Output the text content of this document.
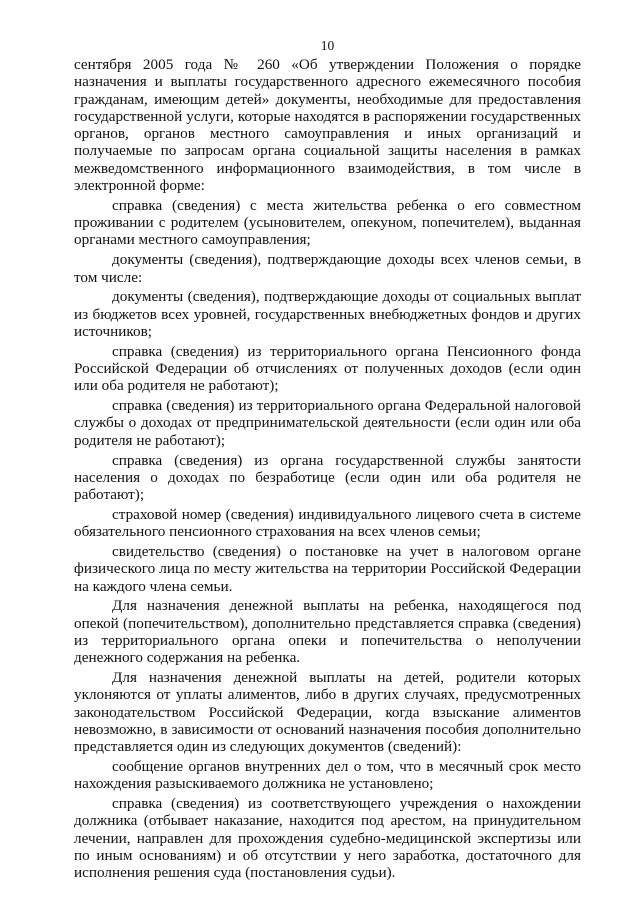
10

сентября 2005 года № 260 «Об утверждении Положения о порядке назначения и выплаты государственного адресного ежемесячного пособия гражданам, имеющим детей» документы, необходимые для предоставления государственной услуги, которые находятся в распоряжении государственных органов, органов местного самоуправления и иных организаций и получаемые по запросам органа социальной защиты населения в рамках межведомственного информационного взаимодействия, в том числе в электронной форме:

справка (сведения) с места жительства ребенка о его совместном проживании с родителем (усыновителем, опекуном, попечителем), выданная органами местного самоуправления;

документы (сведения), подтверждающие доходы всех членов семьи, в том числе:

документы (сведения), подтверждающие доходы от социальных выплат из бюджетов всех уровней, государственных внебюджетных фондов и других источников;

справка (сведения) из территориального органа Пенсионного фонда Российской Федерации об отчислениях от полученных доходов (если один или оба родителя не работают);

справка (сведения) из территориального органа Федеральной налоговой службы о доходах от предпринимательской деятельности (если один или оба родителя не работают);

справка (сведения) из органа государственной службы занятости населения о доходах по безработице (если один или оба родителя не работают);

страховой номер (сведения) индивидуального лицевого счета в системе обязательного пенсионного страхования на всех членов семьи;

свидетельство (сведения) о постановке на учет в налоговом органе физического лица по месту жительства на территории Российской Федерации на каждого члена семьи.

Для назначения денежной выплаты на ребенка, находящегося под опекой (попечительством), дополнительно представляется справка (сведения) из территориального органа опеки и попечительства о неполучении денежного содержания на ребенка.

Для назначения денежной выплаты на детей, родители которых уклоняются от уплаты алиментов, либо в других случаях, предусмотренных законодательством Российской Федерации, когда взыскание алиментов невозможно, в зависимости от оснований назначения пособия дополнительно представляется один из следующих документов (сведений):

сообщение органов внутренних дел о том, что в месячный срок место нахождения разыскиваемого должника не установлено;

справка (сведения) из соответствующего учреждения о нахождении должника (отбывает наказание, находится под арестом, на принудительном лечении, направлен для прохождения судебно-медицинской экспертизы или по иным основаниям) и об отсутствии у него заработка, достаточного для исполнения решения суда (постановления судьи).
